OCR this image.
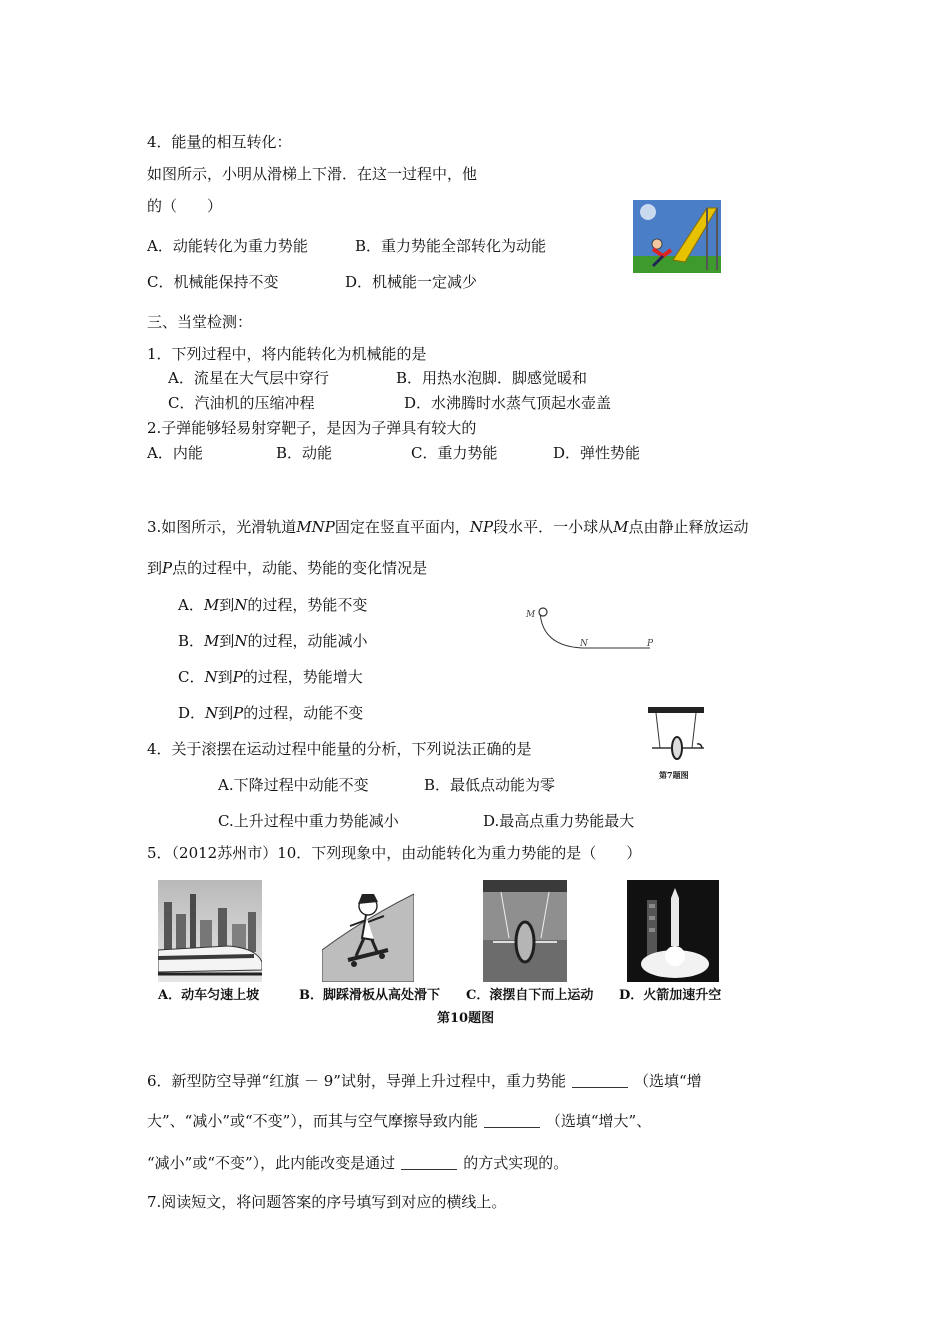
4．能量的相互转化：
如图所示，小明从滑梯上下滑．在这一过程中，他
的（　　）
A．动能转化为重力势能	B．重力势能全部转化为动能
C．机械能保持不变	D．机械能一定减少
三、当堂检测：
1．下列过程中，将内能转化为机械能的是
A．流星在大气层中穿行	B．用热水泡脚．脚感觉暖和
C．汽油机的压缩冲程	D．水沸腾时水蒸气顶起水壶盖
2.子弹能够轻易射穿靶子，是因为子弹具有较大的
A．内能	B．动能	C．重力势能	D．弹性势能
3.如图所示，光滑轨道MNP固定在竖直平面内，NP段水平．一小球从M点由静止释放运动
到P点的过程中，动能、势能的变化情况是
A．M到N的过程，势能不变
B．M到N的过程，动能减小
C．N到P的过程，势能增大
D．N到P的过程，动能不变
M
N	P
4．关于滚摆在运动过程中能量的分析，下列说法正确的是
A.下降过程中动能不变	B．最低点动能为零
C.上升过程中重力势能减小	D.最高点重力势能最大
第7题图
5．（2012苏州市）10．下列现象中，由动能转化为重力势能的是（　　）
A．动车匀速上坡	B．脚踩滑板从高处滑下 C．滚摆自下而上运动 D．火箭加速升空
第10题图
6．新型防空导弹“红旗 － 9”试射，导弹上升过程中，重力势能	（选填“增
大”、“减小”或“不变”），而其与空气摩擦导致内能	（选填“增大”、
“减小”或“不变”），此内能改变是通过	的方式实现的。
7.阅读短文，将问题答案的序号填写到对应的横线上。
